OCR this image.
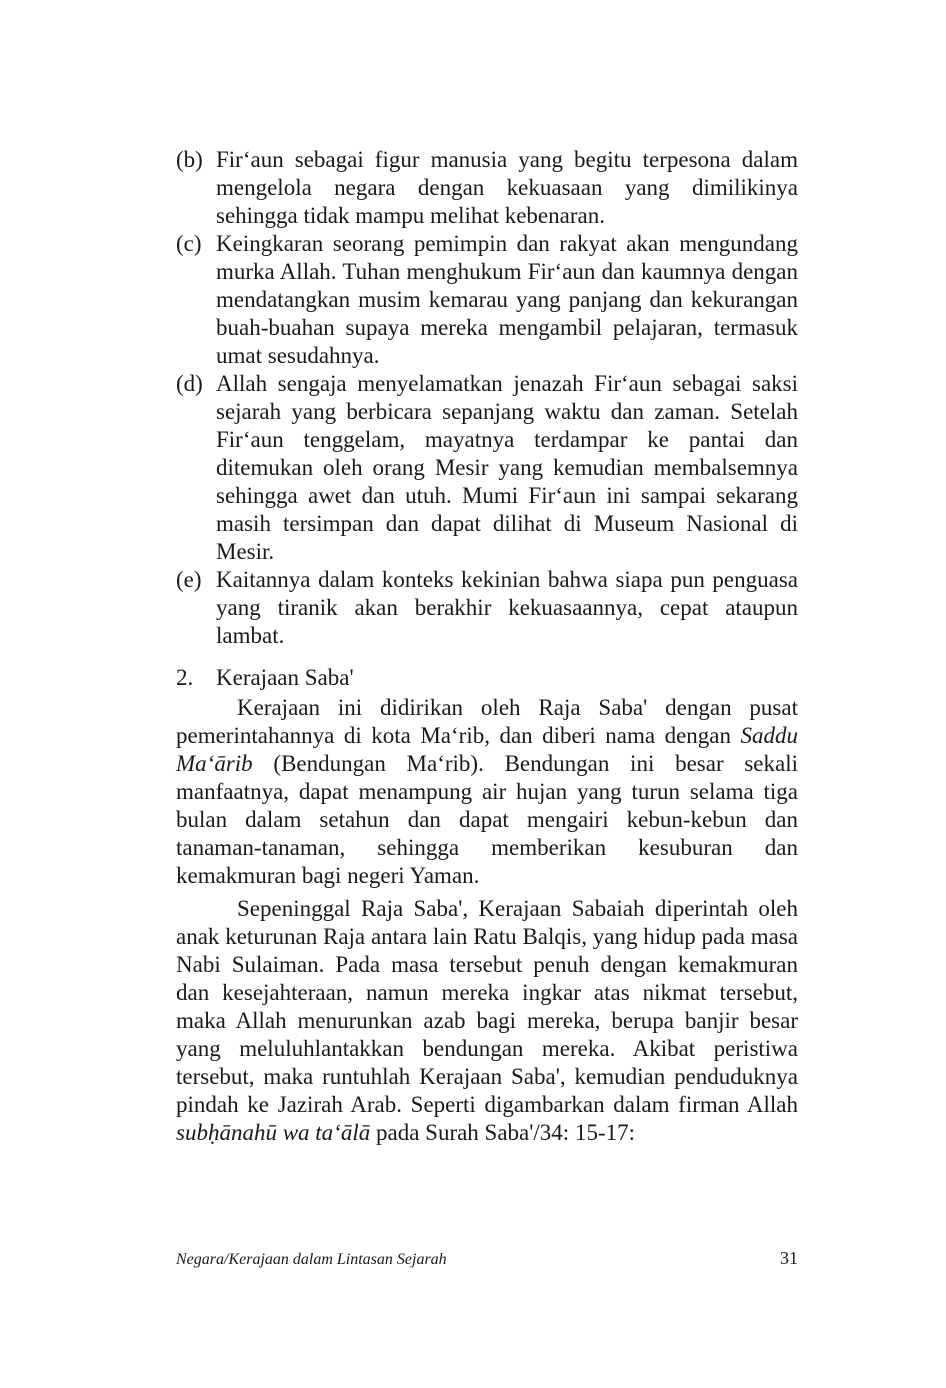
(b) Fir‘aun sebagai figur manusia yang begitu terpesona dalam mengelola negara dengan kekuasaan yang dimilikinya sehingga tidak mampu melihat kebenaran.
(c) Keingkaran seorang pemimpin dan rakyat akan mengundang murka Allah. Tuhan menghukum Fir‘aun dan kaumnya dengan mendatangkan musim kemarau yang panjang dan kekurangan buah-buahan supaya mereka mengambil pelajaran, termasuk umat sesudahnya.
(d) Allah sengaja menyelamatkan jenazah Fir‘aun sebagai saksi sejarah yang berbicara sepanjang waktu dan zaman. Setelah Fir‘aun tenggelam, mayatnya terdampar ke pantai dan ditemukan oleh orang Mesir yang kemudian membalsemnya sehingga awet dan utuh. Mumi Fir‘aun ini sampai sekarang masih tersimpan dan dapat dilihat di Museum Nasional di Mesir.
(e) Kaitannya dalam konteks kekinian bahwa siapa pun penguasa yang tiranik akan berakhir kekuasaannya, cepat ataupun lambat.
2. Kerajaan Saba'

Kerajaan ini didirikan oleh Raja Saba' dengan pusat pemerintahannya di kota Ma‘rib, dan diberi nama dengan Saddu Ma‘ārib (Bendungan Ma‘rib). Bendungan ini besar sekali manfaatnya, dapat menampung air hujan yang turun selama tiga bulan dalam setahun dan dapat mengairi kebun-kebun dan tanaman-tanaman, sehingga memberikan kesuburan dan kemakmuran bagi negeri Yaman.

Sepeninggal Raja Saba', Kerajaan Sabaiah diperintah oleh anak keturunan Raja antara lain Ratu Balqis, yang hidup pada masa Nabi Sulaiman. Pada masa tersebut penuh dengan kemakmuran dan kesejahteraan, namun mereka ingkar atas nikmat tersebut, maka Allah menurunkan azab bagi mereka, berupa banjir besar yang meluluhlantakkan bendungan mereka. Akibat peristiwa tersebut, maka runtuhlah Kerajaan Saba', kemudian penduduknya pindah ke Jazirah Arab. Seperti digambarkan dalam firman Allah subḥānahū wa ta‘ālā pada Surah Saba'/34: 15-17:

Negara/Kerajaan dalam Lintasan Sejarah	31
